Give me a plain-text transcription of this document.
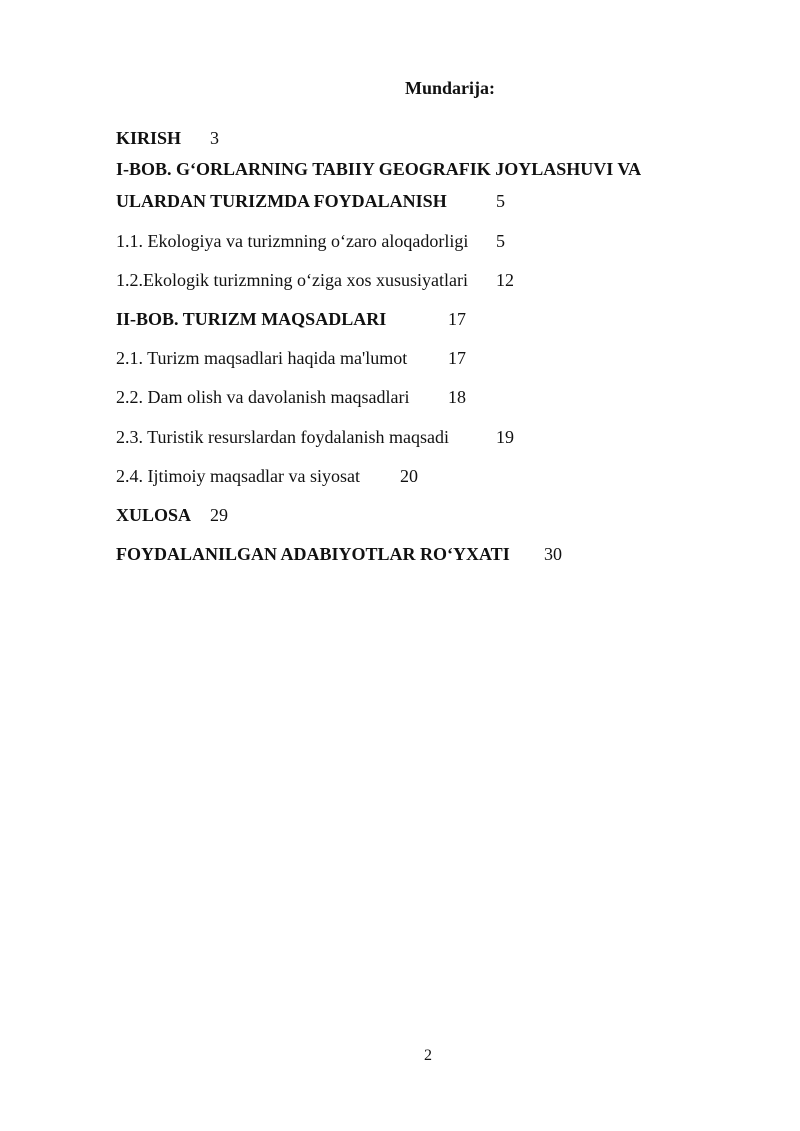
Mundarija:
KIRISH 3
I-BOB. G‘ORLARNING TABIIY GEOGRAFIK JOYLASHUVI VA
ULARDAN TURIZMDA FOYDALANISH	5
1.1. Ekologiya va turizmning o‘zaro aloqadorligi 5
1.2.Ekologik turizmning o‘ziga xos xususiyatlari 12
II-BOB. TURIZM MAQSADLARI	17
2.1. Turizm maqsadlari haqida ma'lumot 17
2.2. Dam olish va davolanish maqsadlari 18
2.3. Turistik resurslardan foydalanish maqsadi	19
2.4. Ijtimoiy maqsadlar va siyosat 20
XULOSA 29
FOYDALANILGAN ADABIYOTLAR RO‘YXATI 30
2
